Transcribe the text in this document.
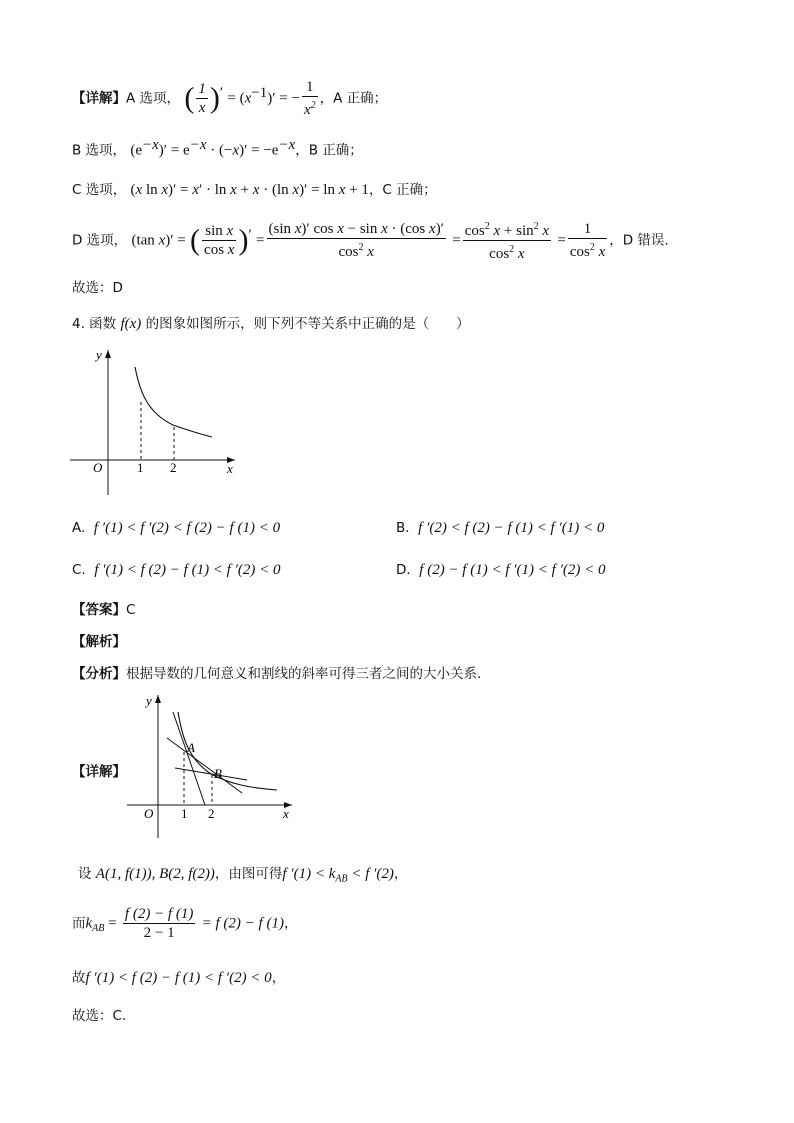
【详解】A 选项， ( $\frac{1}{x} )' = (x^{-1})'$ = − $\frac{1}{x^2}$ ，A 正确；
B 选项， $(e^{-x})' = e^{-x} \cdot (-x)' = -e^{-x}$，B 正确；
C 选项， (x ln x)′ = x′ · ln x + x · (ln x)′ = ln x + 1，C 正确；
D 选项， (tan x)′ = ( $\frac{\text{sin x}}{\text{cos x}} )' = \frac{\text{(sin x)′ cos x − sin x · (cos x)′}}{\cos^2 x} = \frac{\cos^2 x + \sin^2 x}{\cos^2 x} = \frac{1}{\cos^2 x}$ ，D 错误.
故选：D
4. 函数 f(x) 的图象如图所示，则下列不等关系中正确的是（　　）
y
x
O	1 2
A. f ′(1) < f ′(2) < f (2) − f (1) < 0	B. f ′(2) < f (2) − f (1) < f ′(1) < 0
C. f ′(1) < f (2) − f (1) < f ′(2) < 0	D. f (2) − f (1) < f ′(1) < f ′(2) < 0
【答案】C
【解析】
【分析】根据导数的几何意义和割线的斜率可得三者之间的大小关系.
【详解】
y
x
O 1 2
A
B
设 A(1, f(1)), B(2, f(2))，由图可得f $'(1) < k_{AB} < f$ ′(2)，
而$k_{AB} = \frac{f (2) - f (1)}{2 - 1} = f$ (2) − f (1)，
故f ′(1) < f (2) − f (1) < f ′(2) < 0，
故选：C.
